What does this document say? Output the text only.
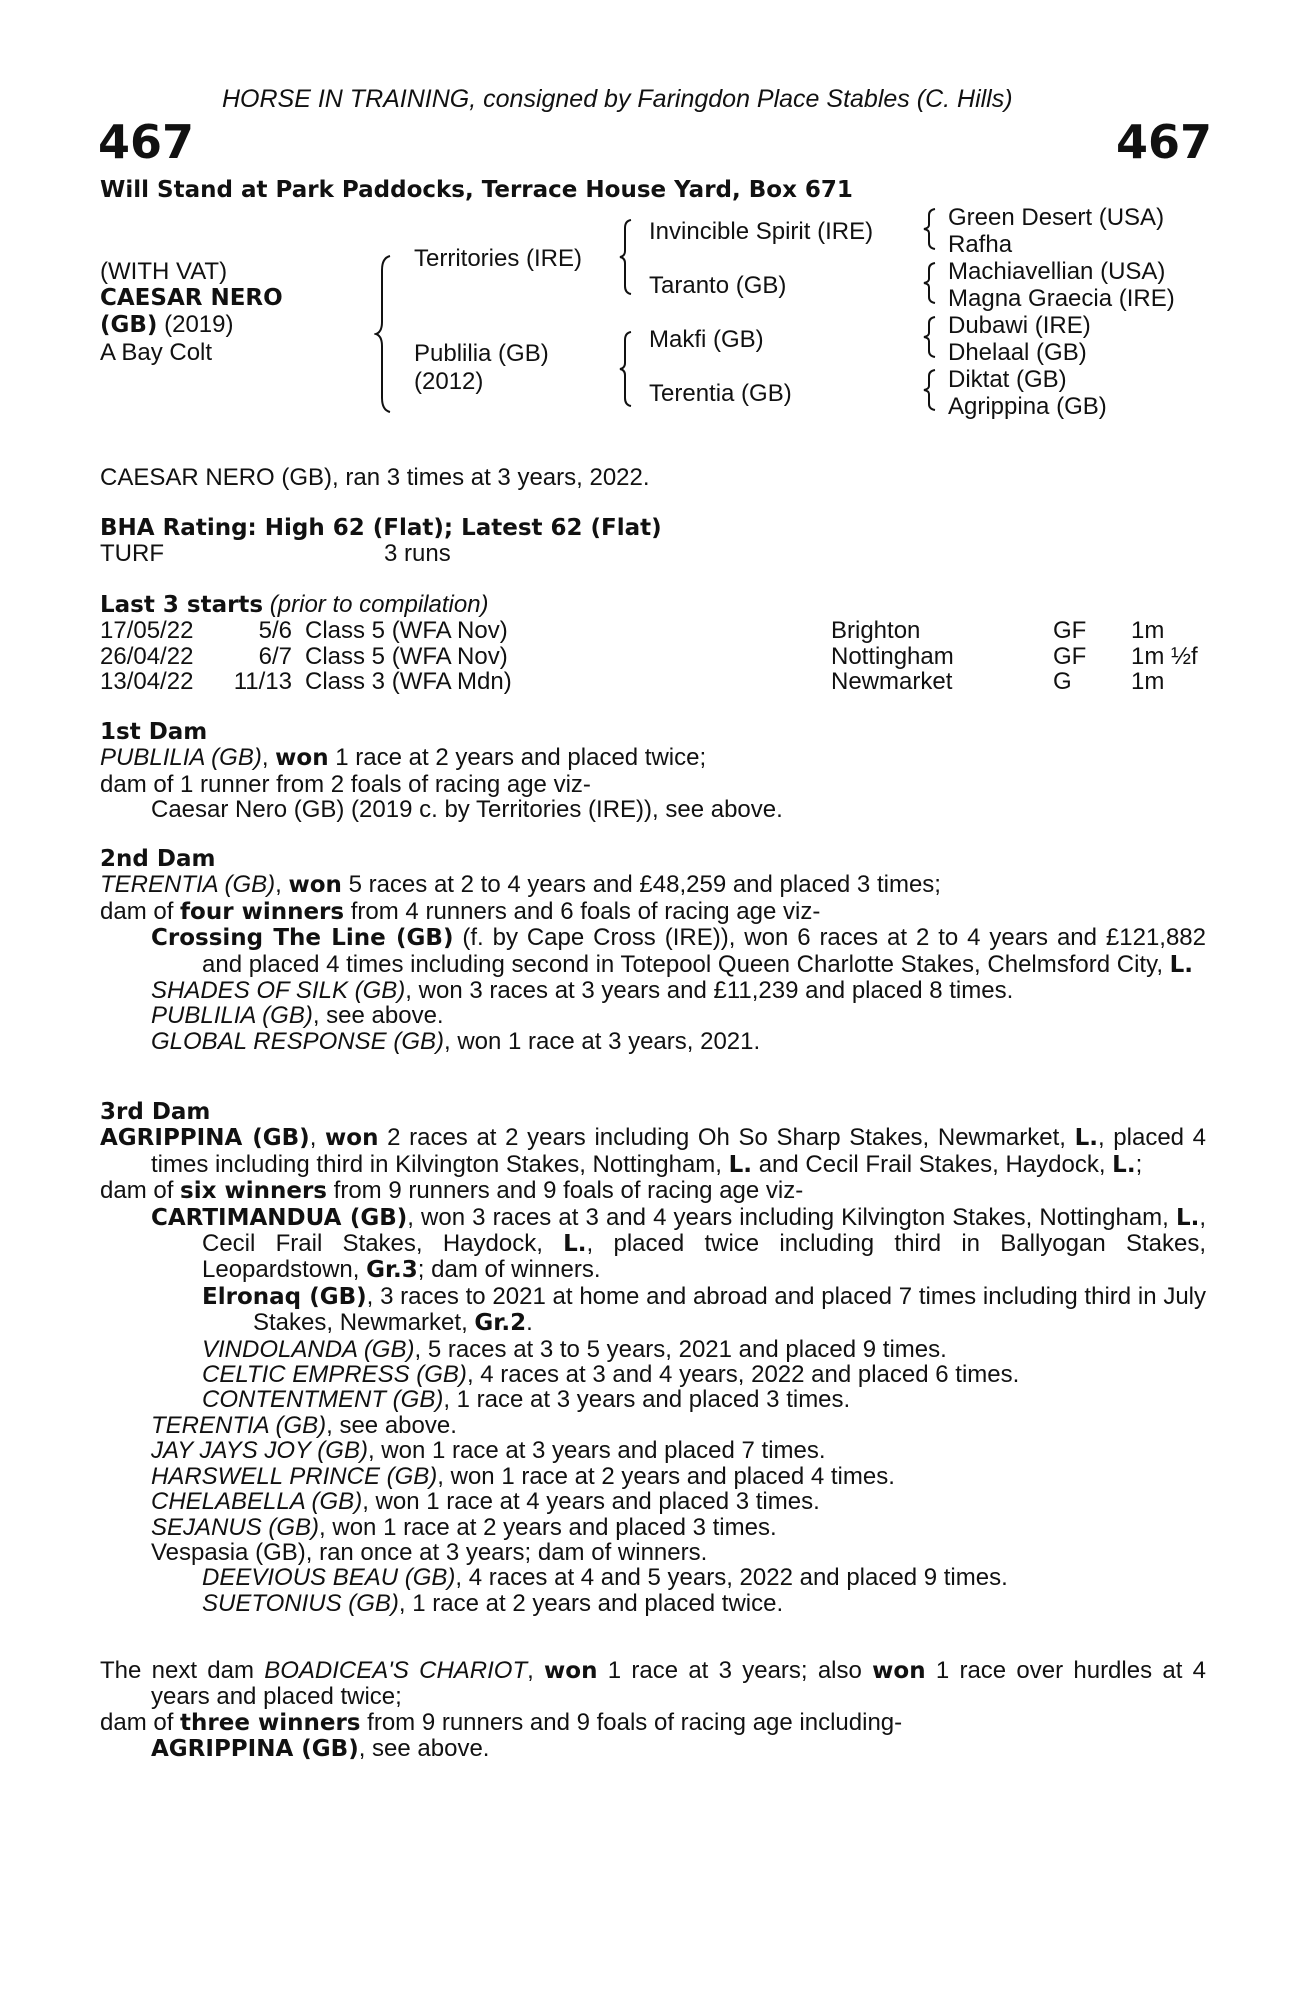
HORSE IN TRAINING, consigned by Faringdon Place Stables (C. Hills)
467	467
Will Stand at Park Paddocks, Terrace House Yard, Box 671
(WITH VAT)
CAESAR NERO
(GB) (2019)
A Bay Colt
Territories (IRE)
Publilia (GB)
(2012)
Invincible Spirit (IRE)
Taranto (GB)
Makfi (GB)
Terentia (GB)
Green Desert (USA)
Rafha
Machiavellian (USA)
Magna Graecia (IRE)
Dubawi (IRE)
Dhelaal (GB)
Diktat (GB)
Agrippina (GB)
CAESAR NERO (GB), ran 3 times at 3 years, 2022.
BHA Rating: High 62 (Flat); Latest 62 (Flat)
TURF	3 runs
Last 3 starts (prior to compilation)
17/05/22	5/6	Class 5 (WFA Nov)	Brighton	GF	1m
26/04/22	6/7	Class 5 (WFA Nov)	Nottingham	GF	1m ½f
13/04/22	11/13	Class 3 (WFA Mdn)	Newmarket	G	1m
1st Dam
PUBLILIA (GB), won 1 race at 2 years and placed twice;
dam of 1 runner from 2 foals of racing age viz-
Caesar Nero (GB) (2019 c. by Territories (IRE)), see above.
2nd Dam
TERENTIA (GB), won 5 races at 2 to 4 years and £48,259 and placed 3 times;
dam of four winners from 4 runners and 6 foals of racing age viz-
Crossing The Line (GB) (f. by Cape Cross (IRE)), won 6 races at 2 to 4 years and £121,882 and placed 4 times including second in Totepool Queen Charlotte Stakes, Chelmsford City, L.
SHADES OF SILK (GB), won 3 races at 3 years and £11,239 and placed 8 times.
PUBLILIA (GB), see above.
GLOBAL RESPONSE (GB), won 1 race at 3 years, 2021.
3rd Dam
AGRIPPINA (GB), won 2 races at 2 years including Oh So Sharp Stakes, Newmarket, L., placed 4 times including third in Kilvington Stakes, Nottingham, L. and Cecil Frail Stakes, Haydock, L.;
dam of six winners from 9 runners and 9 foals of racing age viz-
CARTIMANDUA (GB), won 3 races at 3 and 4 years including Kilvington Stakes, Nottingham, L., Cecil Frail Stakes, Haydock, L., placed twice including third in Ballyogan Stakes, Leopardstown, Gr.3; dam of winners.
Elronaq (GB), 3 races to 2021 at home and abroad and placed 7 times including third in July Stakes, Newmarket, Gr.2.
VINDOLANDA (GB), 5 races at 3 to 5 years, 2021 and placed 9 times.
CELTIC EMPRESS (GB), 4 races at 3 and 4 years, 2022 and placed 6 times.
CONTENTMENT (GB), 1 race at 3 years and placed 3 times.
TERENTIA (GB), see above.
JAY JAYS JOY (GB), won 1 race at 3 years and placed 7 times.
HARSWELL PRINCE (GB), won 1 race at 2 years and placed 4 times.
CHELABELLA (GB), won 1 race at 4 years and placed 3 times.
SEJANUS (GB), won 1 race at 2 years and placed 3 times.
Vespasia (GB), ran once at 3 years; dam of winners.
DEEVIOUS BEAU (GB), 4 races at 4 and 5 years, 2022 and placed 9 times.
SUETONIUS (GB), 1 race at 2 years and placed twice.
The next dam BOADICEA'S CHARIOT, won 1 race at 3 years; also won 1 race over hurdles at 4 years and placed twice;
dam of three winners from 9 runners and 9 foals of racing age including-
AGRIPPINA (GB), see above.
